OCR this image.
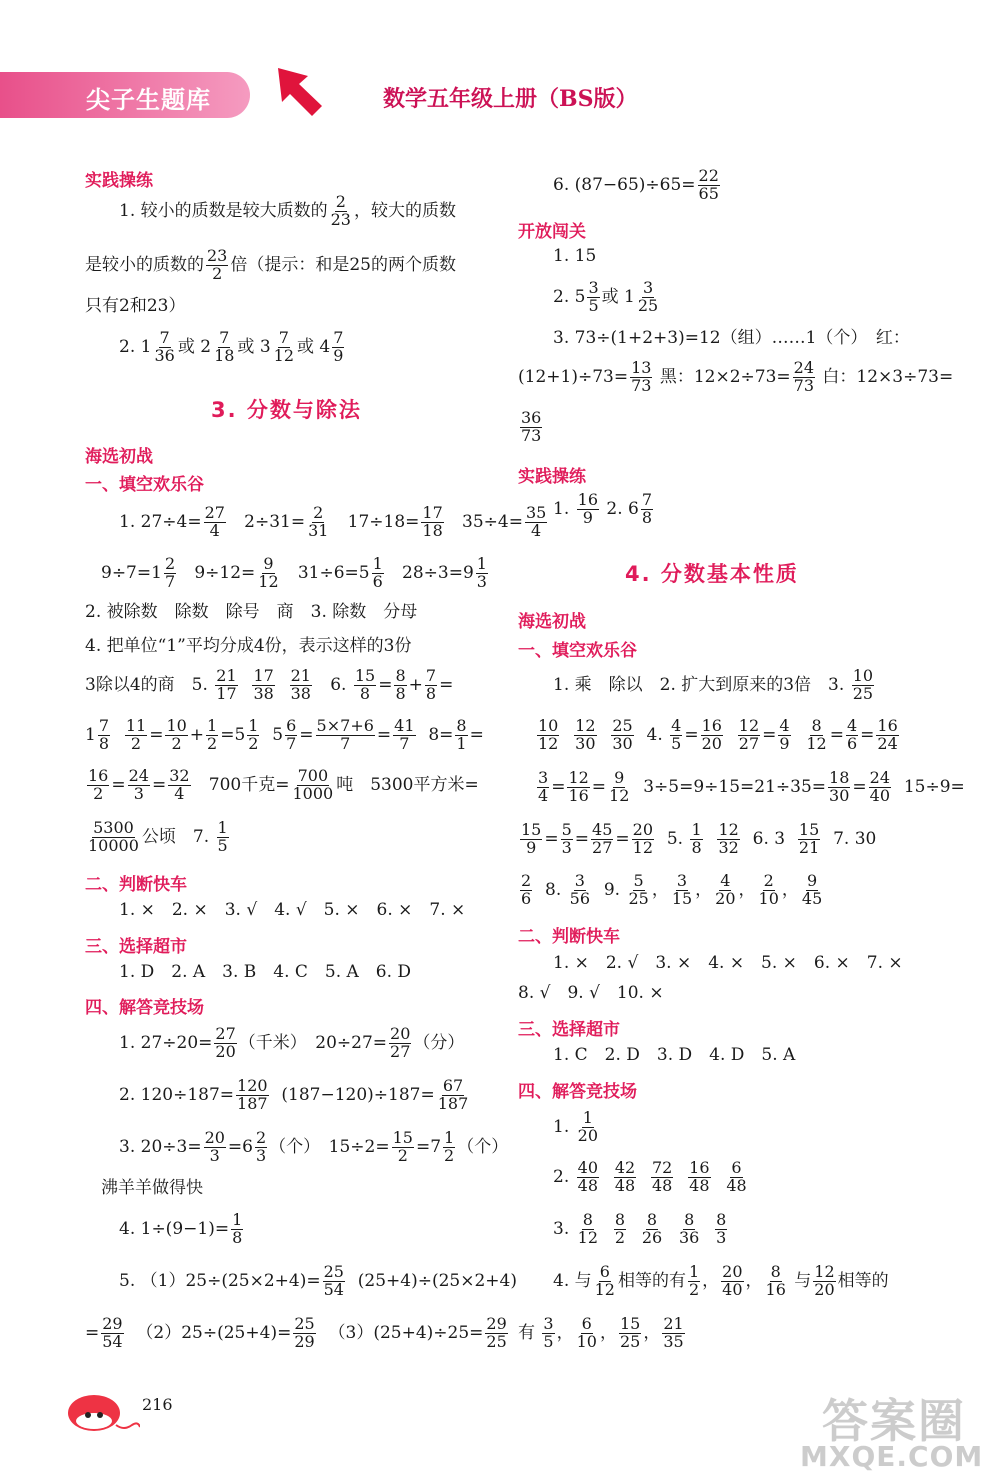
尖子生题库	数学五年级上册（BS版）
实践操练
1. 较小的质数是较大质数的 $\frac{2}{23}$ ，较大的质数
是较小的质数的 $\frac{23}{2}$ 倍（提示：和是25的两个质数
只有2和23）
2. $1 \frac{7}{36}$ 或 $2 \frac{7}{18}$ 或 $3 \frac{7}{12}$ 或 $4 \frac{7}{9}$
3. 分数与除法
海选初战
一、填空欢乐谷
1. $27\div 4= \frac{27}{4} 2\div 31= \frac{2}{31} 17\div 18= \frac{17}{18} 35\div 4= \frac{35}{4}$
$9\div 7=1 \frac{2}{7} 9\div 12= \frac{9}{12} 31\div 6=5 \frac{1}{6} 28\div 3=9 \frac{1}{3}$
2. 被除数　除数　除号　商　3. 除数　分母
4. 把单位“1”平均分成4份，表示这样的3份
3除以4的商　5. $\frac{21}{17}$
$\frac{17}{38}$
$\frac{21}{38} 6$. $\frac{15}{8} = \frac{8}{8} + \frac{7}{8}$ =
$1 \frac{7}{8}$
$\frac{11}{2} = \frac{10}{2} + \frac{1}{2} =5 \frac{1}{2} 5 \frac{6}{7} = \frac{5\times 7+6}{7} = \frac{41}{7} 8= \frac{8}{1}$ =
$\frac{16}{2} = \frac{24}{3} = \frac{32}{4} 700$千克= $\frac{700}{1000}$ 吨　5300平方米=
$\frac{5300}{10000}$ 公顷　7. $\frac{1}{5}$
二、判断快车
1. ×　2. ×　3. √　4. √　5. ×　6. ×　7. ×
三、选择超市
1. D　2. A　3. B　4. C　5. A　6. D
四、解答竞技场
1. $27\div 20= \frac{27}{20}$ （千米）　$20\div 27= \frac{20}{27}$ （分）
2. $120\div 187= \frac{120}{187} (187-120)\div 187= \frac{67}{187}$
3. $20\div 3= \frac{20}{3} =6 \frac{2}{3}$ （个）　$15\div 2= \frac{15}{2} =7 \frac{1}{2}$ （个）
沸羊羊做得快
4. $1\div(9-1)= \frac{1}{8}$
5. $(1)25\div(25\times 2+4)= \frac{25}{54} (25+4)\div(25\times 2+4)$
= $\frac{29}{54} (2)25\div(25+4)= \frac{25}{29} (3)(25+4)\div 25= \frac{29}{25}$
216
6. $(87-65)\div 65= \frac{22}{65}$
开放闯关
1. 15
2. $5 \frac{3}{5}$ 或 $1 \frac{3}{25}$
3. 73÷(1+2+3)=12（组）……1（个）　红：
$(12+1)\div 73= \frac{13}{73}$ 黑：$12\times 2\div 73= \frac{24}{73}$ 白：12×3÷73=
$\frac{36}{73}$
实践操练
1. $\frac{16}{9} 2$. $6 \frac{7}{8}$
4. 分数基本性质
海选初战
一、填空欢乐谷
1. 乘　除以　2. 扩大到原来的3倍　3. $\frac{10}{25}$
$\frac{10}{12}$
$\frac{12}{30}$
$\frac{25}{30} 4$. $\frac{4}{5} = \frac{16}{20}$
$\frac{12}{27} = \frac{4}{9}$
$\frac{8}{12} = \frac{4}{6} = \frac{16}{24}$
$\frac{3}{4} = \frac{12}{16} = \frac{9}{12} 3\div 5=9\div 15=21\div 35= \frac{18}{30} = \frac{24}{40} 15\div 9=$
$\frac{15}{9} = \frac{5}{3} = \frac{45}{27} = \frac{20}{12} 5$. $\frac{1}{8}$
$\frac{12}{32} 6$. $3 \frac{15}{21} 7$. 30
$\frac{2}{6} 8$. $\frac{3}{56} 9$. $\frac{5}{25}$ ， $\frac{3}{15}$ ， $\frac{4}{20}$ ， $\frac{2}{10}$ ， $\frac{9}{45}$
二、判断快车
1. ×　2. √　3. ×　4. ×　5. ×　6. ×　7. ×
8. √　9. √　10. ×
三、选择超市
1. C　2. D　3. D　4. D　5. A
四、解答竞技场
1. $\frac{1}{20}$
2. $\frac{40}{48}$
$\frac{42}{48}$
$\frac{72}{48}$
$\frac{16}{48}$
$\frac{6}{48}$
3. $\frac{8}{12}$
$\frac{8}{2}$
$\frac{8}{26}$
$\frac{8}{36}$
$\frac{8}{3}$
4. 与 $\frac{6}{12}$ 相等的有 $\frac{1}{2}$ ， $\frac{20}{40}$ ， $\frac{8}{16}$ 与 $\frac{12}{20}$ 相等的
有 $\frac{3}{5}$ ， $\frac{6}{10}$ ， $\frac{15}{25}$ ， $\frac{21}{35}$
答案圈
MXQE.COM
